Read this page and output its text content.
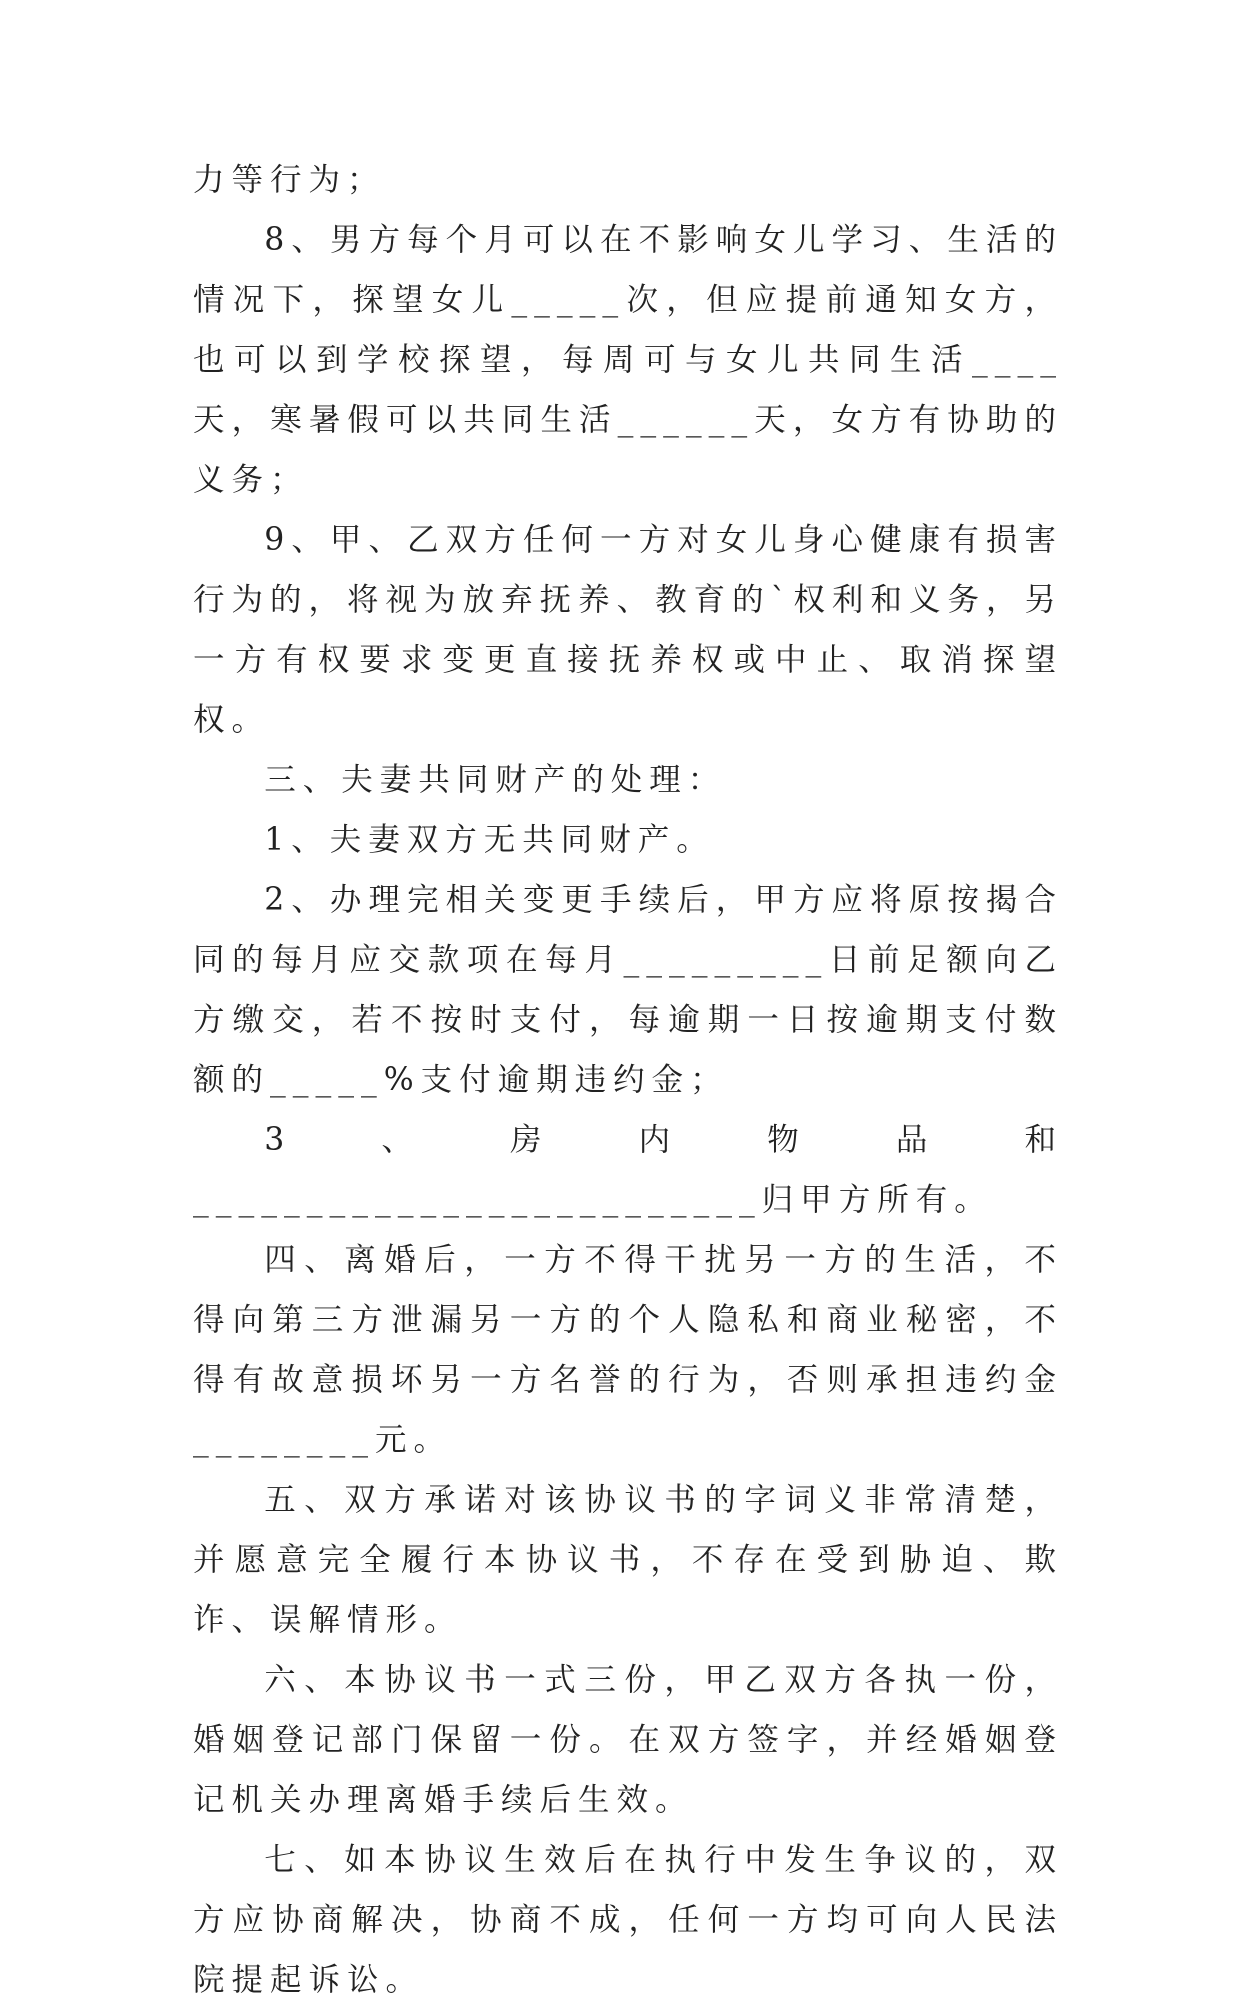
力等行为；

8、男方每个月可以在不影响女儿学习、生活的情况下，探望女儿_____次，但应提前通知女方，也可以到学校探望，每周可与女儿共同生活____天，寒暑假可以共同生活______天，女方有协助的义务；

9、甲、乙双方任何一方对女儿身心健康有损害行为的，将视为放弃抚养、教育的`权利和义务，另一方有权要求变更直接抚养权或中止、取消探望权。

三、夫妻共同财产的处理：

1、夫妻双方无共同财产。

2、办理完相关变更手续后，甲方应将原按揭合同的每月应交款项在每月_________日前足额向乙方缴交，若不按时支付，每逾期一日按逾期支付数额的_____%支付逾期违约金；

3、房内物品和_________________________归甲方所有。

四、离婚后，一方不得干扰另一方的生活，不得向第三方泄漏另一方的个人隐私和商业秘密，不得有故意损坏另一方名誉的行为，否则承担违约金________元。

五、双方承诺对该协议书的字词义非常清楚，并愿意完全履行本协议书，不存在受到胁迫、欺诈、误解情形。

六、本协议书一式三份，甲乙双方各执一份，婚姻登记部门保留一份。在双方签字，并经婚姻登记机关办理离婚手续后生效。

七、如本协议生效后在执行中发生争议的，双方应协商解决，协商不成，任何一方均可向人民法院提起诉讼。
